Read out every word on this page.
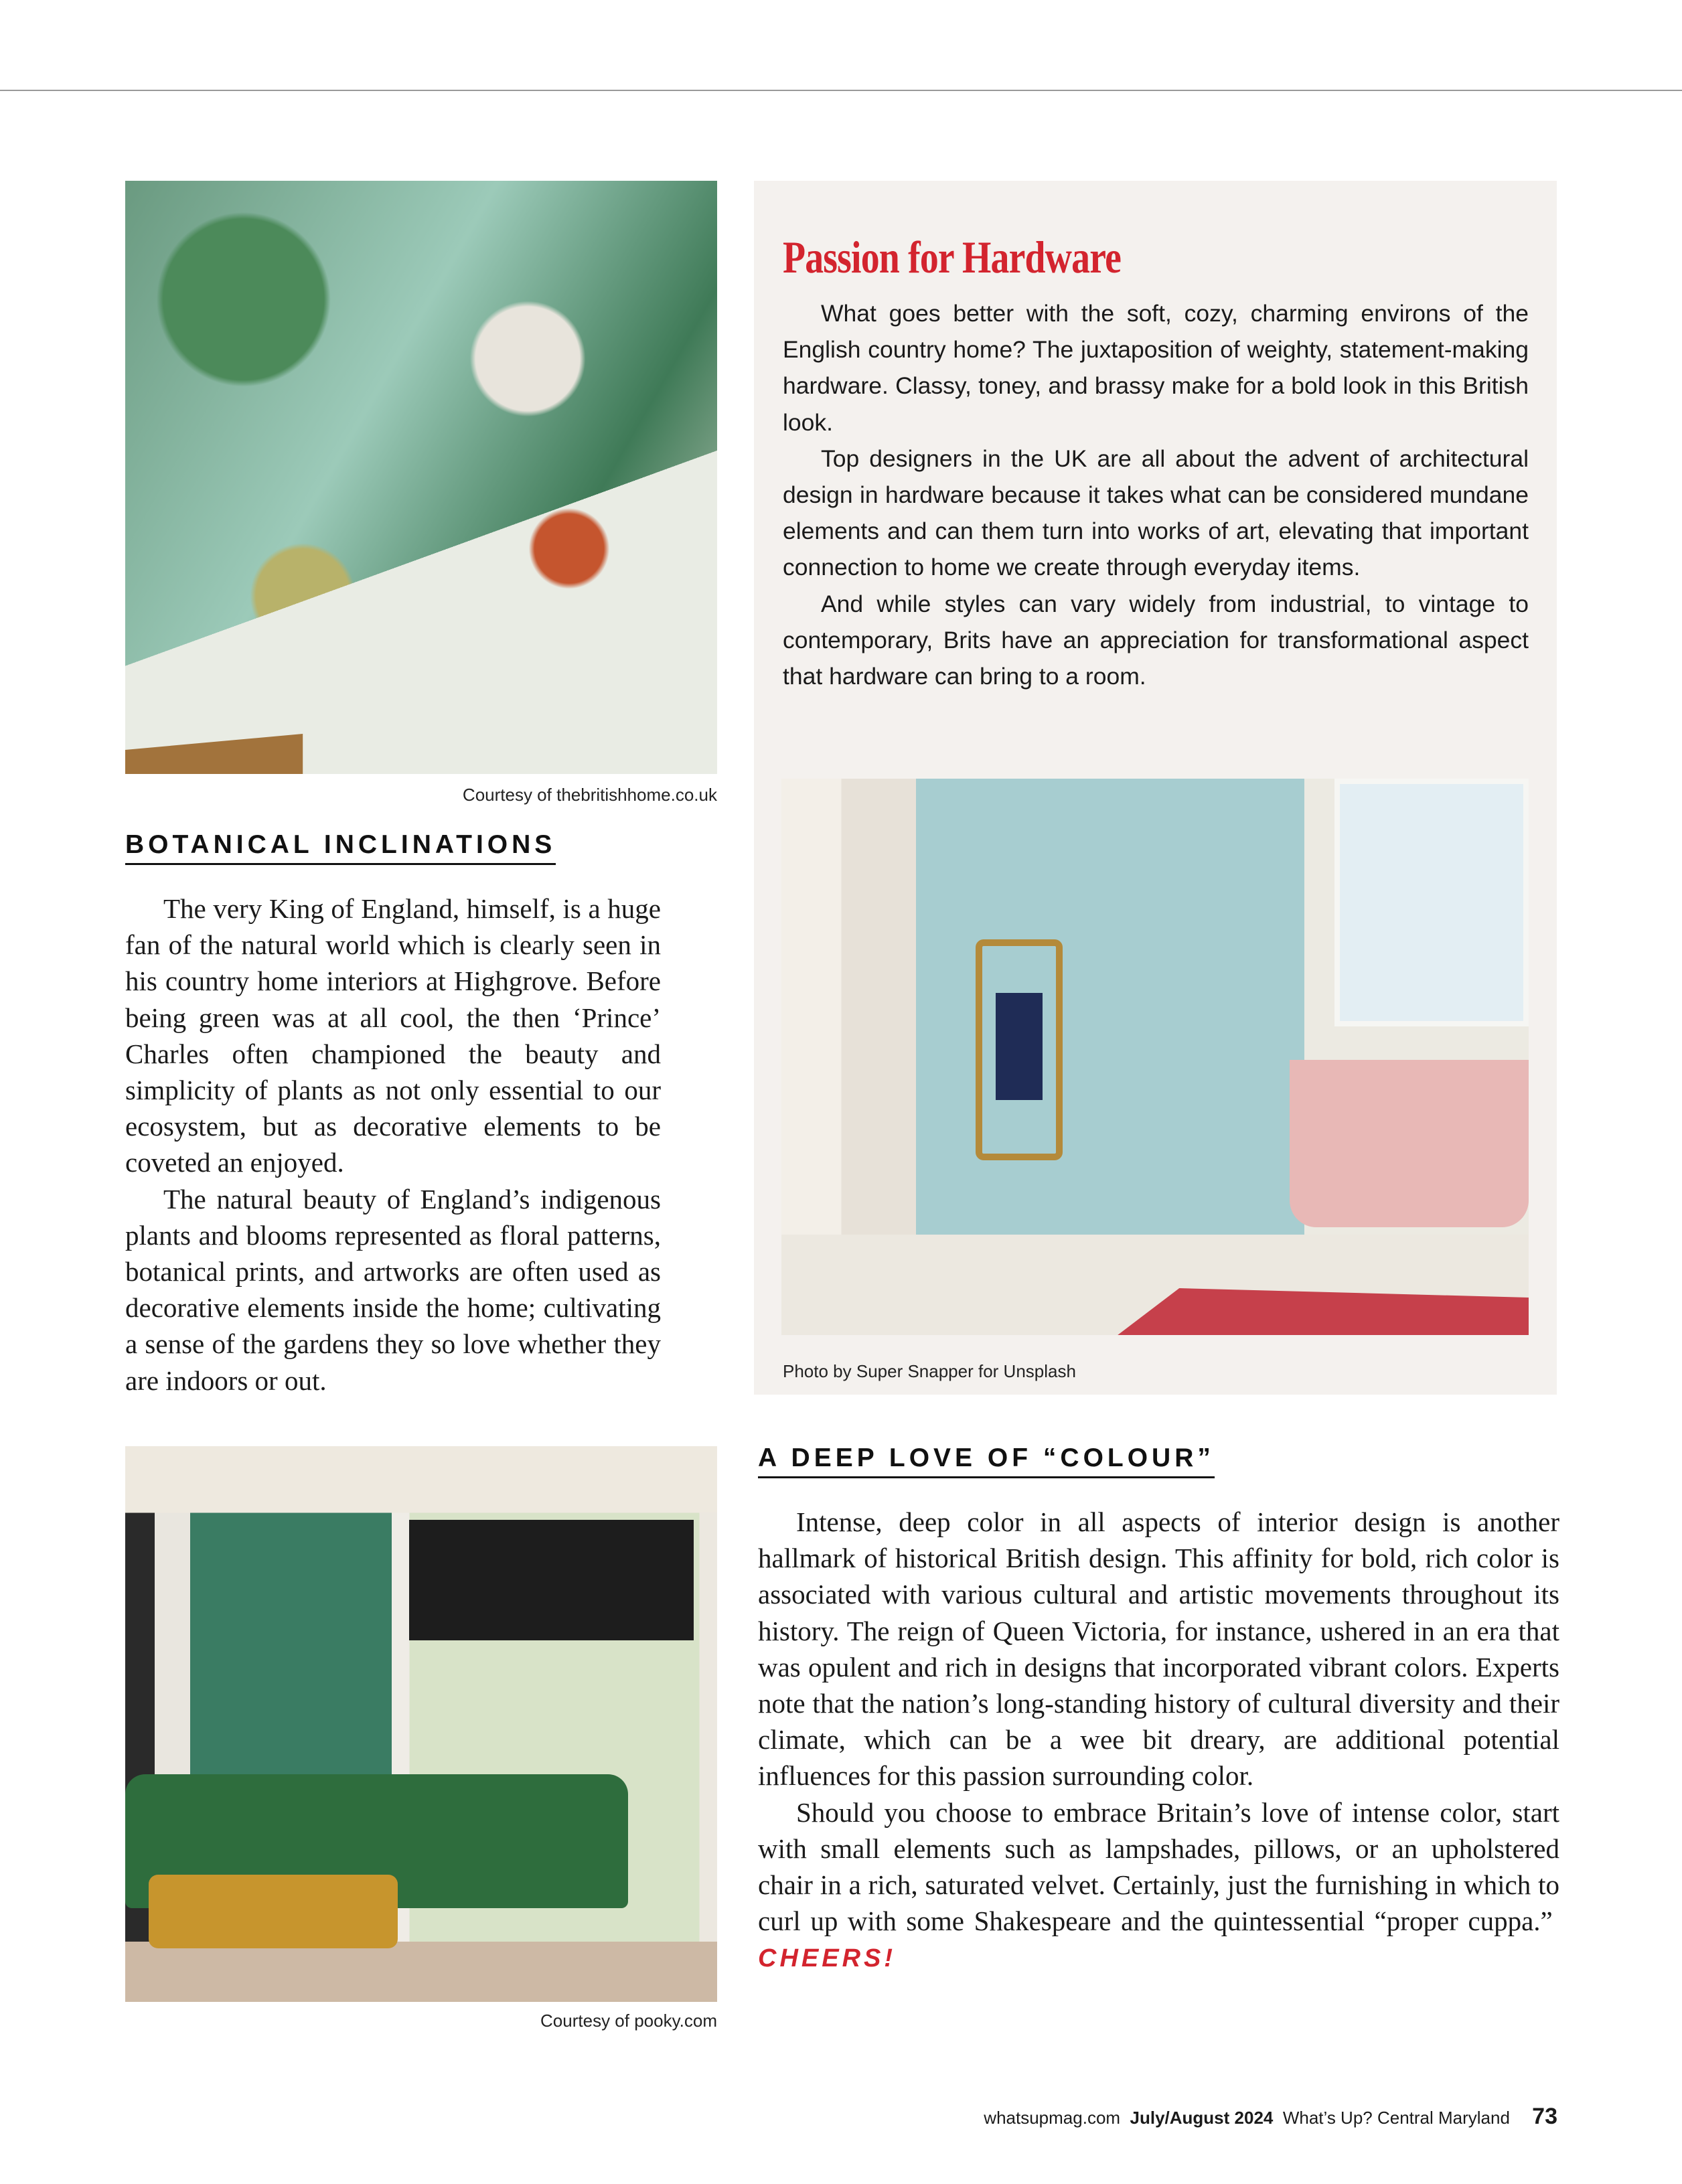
Courtesy of thebritishhome.co.uk
BOTANICAL INCLINATIONS

The very King of England, himself, is a huge fan of the natural world which is clearly seen in his country home interiors at Highgrove. Before being green was at all cool, the then ‘Prince’ Charles often championed the beauty and simplicity of plants as not only essential to our ecosystem, but as decorative elements to be coveted an enjoyed.

The natural beauty of England’s indigenous plants and blooms represented as floral patterns, botanical prints, and artworks are often used as decorative elements inside the home; cultivating a sense of the gardens they so love whether they are indoors or out.

Passion for Hardware

What goes better with the soft, cozy, charming environs of the English country home? The juxtaposition of weighty, statement-making hardware. Classy, toney, and brassy make for a bold look in this British look.

Top designers in the UK are all about the advent of architectural design in hardware because it takes what can be considered mundane elements and can them turn into works of art, elevating that important connection to home we create through everyday items.

And while styles can vary widely from industrial, to vintage to contemporary, Brits have an appreciation for transformational aspect that hardware can bring to a room.

Photo by Super Snapper for Unsplash
Courtesy of pooky.com
A DEEP LOVE OF “COLOUR”

Intense, deep color in all aspects of interior design is another hallmark of historical British design. This affinity for bold, rich color is associated with various cultural and artistic movements throughout its history. The reign of Queen Victoria, for instance, ushered in an era that was opulent and rich in designs that incorporated vibrant colors. Experts note that the nation’s long-standing history of cultural diversity and their climate, which can be a wee bit dreary, are additional potential influences for this passion surrounding color.

Should you choose to embrace Britain’s love of intense color, start with small elements such as lampshades, pillows, or an upholstered chair in a rich, saturated velvet. Certainly, just the furnishing in which to curl up with some Shakespeare and the quintessential “proper cuppa.”  CHEERS!

whatsupmag.com July/August 2024 What’s Up? Central Maryland 73
